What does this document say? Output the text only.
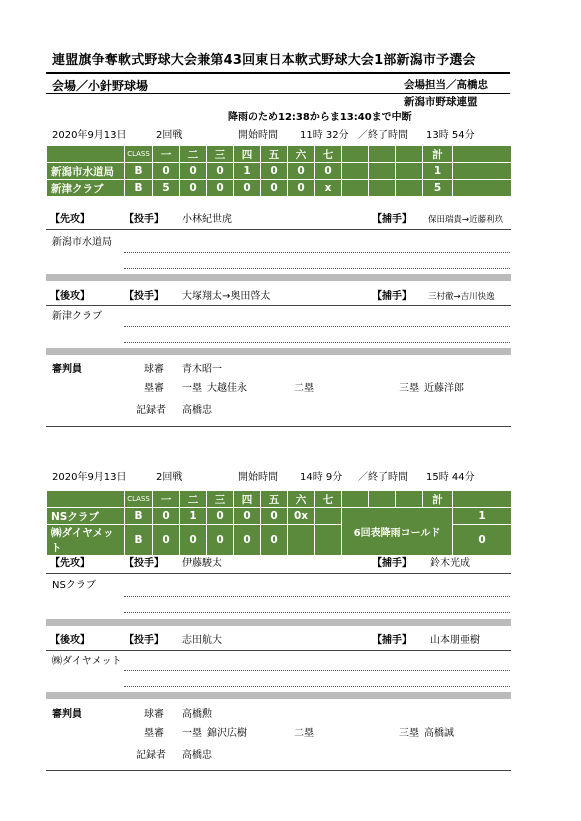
連盟旗争奪軟式野球大会兼第43回東日本軟式野球大会1部新潟市予選会
会場／小針野球場	会場担当／高橋忠
新潟市野球連盟
降雨のため12:38からま13:40まで中断
2020年9月13日	2回戦	開始時間 11時 32分 ／終了時間 13時 54分
	CLASS	一	二	三	四	五	六	七				計	
新潟市水道局	B	0	0	0	1	0	0	0				1	
新津クラブ	B	5	0	0	0	0	0	x				5	
【先攻】	【投手】 小林紀世虎	【捕手】 保田瑞貴→近藤利玖
新潟市水道局
【後攻】	【投手】 大塚翔太→奥田啓太	【捕手】 三村徹→吉川快逸
新津クラブ
審判員	球審 青木昭一
塁審 一塁 大越佳永	二塁	三塁 近藤洋郎
記録者 高橋忠
2020年9月13日	2回戦	開始時間 14時 9分 ／終了時間 15時 44分
	CLASS	一	二	三	四	五	六	七				計	
NSクラブ	B	0	1	0	0	0	0x		6回表降雨コールド				1
㈱ダイヤメット	B	0	0	0	0	0							0
【先攻】	【投手】 伊藤駿太	【捕手】 鈴木光成
NSクラブ
【後攻】	【投手】 志田航大	【捕手】 山本朋亜樹
㈱ダイヤメット
審判員	球審 高橋勲
塁審 一塁 錦沢広樹	二塁	三塁 高橋誠
記録者 高橋忠
